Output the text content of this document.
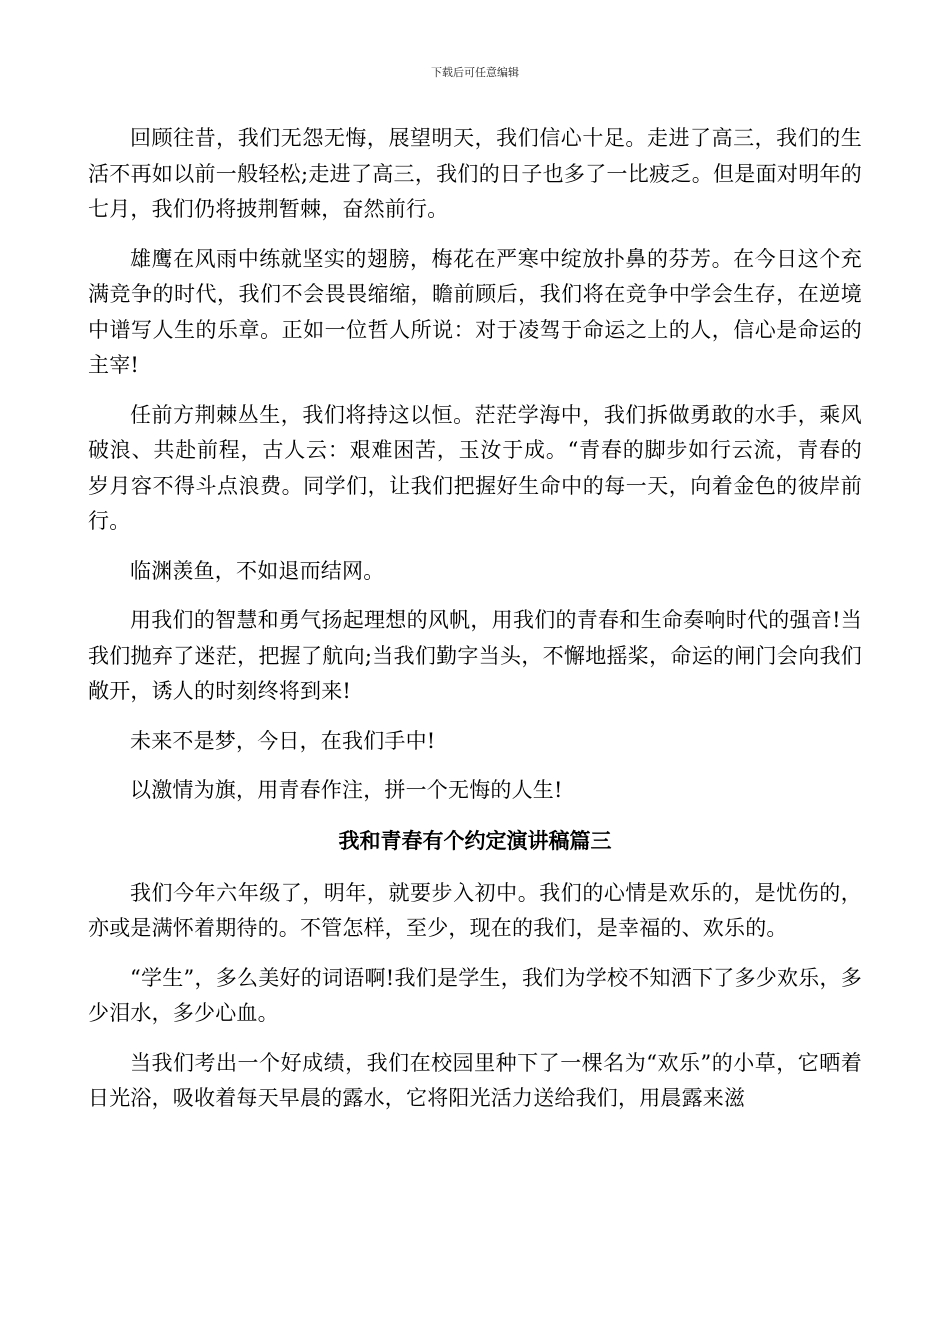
下载后可任意编辑

回顾往昔，我们无怨无悔，展望明天，我们信心十足。走进了高三，我们的生活不再如以前一般轻松;走进了高三，我们的日子也多了一比疲乏。但是面对明年的七月，我们仍将披荆暂棘，奋然前行。

雄鹰在风雨中练就坚实的翅膀，梅花在严寒中绽放扑鼻的芬芳。在今日这个充满竞争的时代，我们不会畏畏缩缩，瞻前顾后，我们将在竞争中学会生存，在逆境中谱写人生的乐章。正如一位哲人所说：对于凌驾于命运之上的人，信心是命运的主宰!

任前方荆棘丛生，我们将持这以恒。茫茫学海中，我们拆做勇敢的水手，乘风破浪、共赴前程，古人云：艰难困苦，玉汝于成。“青春的脚步如行云流，青春的岁月容不得斗点浪费。同学们，让我们把握好生命中的每一天，向着金色的彼岸前行。

临渊羡鱼，不如退而结网。

用我们的智慧和勇气扬起理想的风帆，用我们的青春和生命奏响时代的强音!当我们抛弃了迷茫，把握了航向;当我们勤字当头，不懈地摇桨，命运的闸门会向我们敞开，诱人的时刻终将到来!

未来不是梦，今日，在我们手中!

以激情为旗，用青春作注，拼一个无悔的人生!

我和青春有个约定演讲稿篇三

我们今年六年级了，明年，就要步入初中。我们的心情是欢乐的，是忧伤的，亦或是满怀着期待的。不管怎样，至少，现在的我们，是幸福的、欢乐的。

“学生”，多么美好的词语啊!我们是学生，我们为学校不知洒下了多少欢乐，多少泪水，多少心血。

当我们考出一个好成绩，我们在校园里种下了一棵名为“欢乐”的小草，它晒着日光浴，吸收着每天早晨的露水，它将阳光活力送给我们，用晨露来滋
